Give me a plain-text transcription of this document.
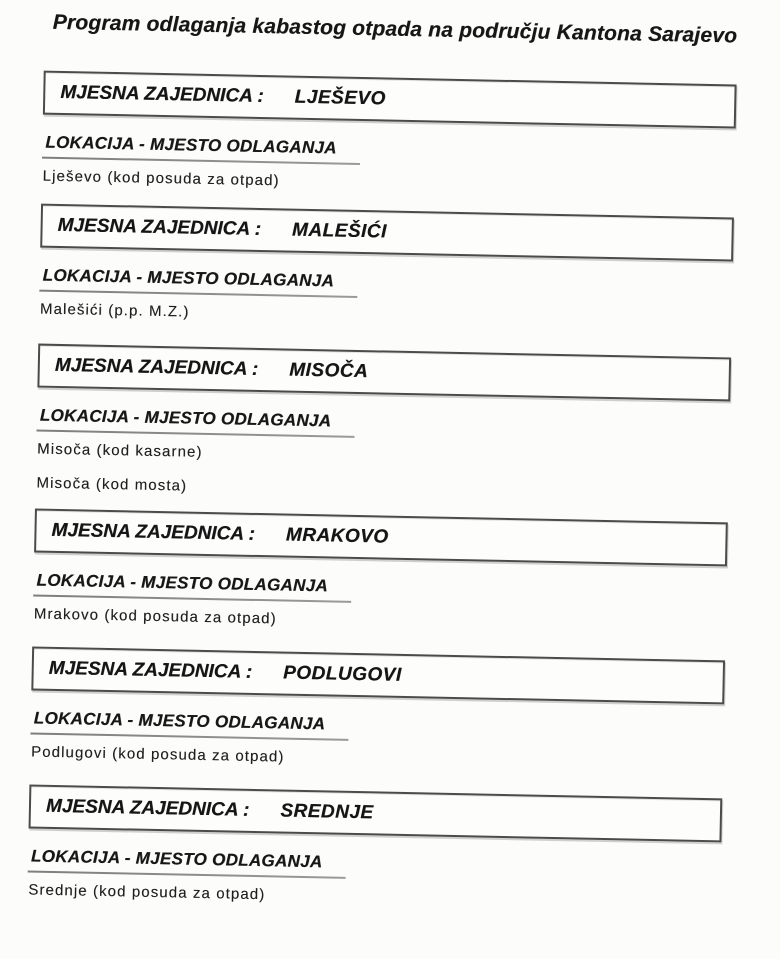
Program odlaganja kabastog otpada na području Kantona Sarajevo
MJESNA ZAJEDNICA : LJEŠEVO
LOKACIJA - MJESTO ODLAGANJA
Lješevo (kod posuda za otpad)
MJESNA ZAJEDNICA : MALEŠIĆI
LOKACIJA - MJESTO ODLAGANJA
Malešići (p.p. M.Z.)
MJESNA ZAJEDNICA : MISOČA
LOKACIJA - MJESTO ODLAGANJA
Misoča (kod kasarne)
Misoča (kod mosta)
MJESNA ZAJEDNICA : MRAKOVO
LOKACIJA - MJESTO ODLAGANJA
Mrakovo (kod posuda za otpad)
MJESNA ZAJEDNICA : PODLUGOVI
LOKACIJA - MJESTO ODLAGANJA
Podlugovi (kod posuda za otpad)
MJESNA ZAJEDNICA : SREDNJE
LOKACIJA - MJESTO ODLAGANJA
Srednje (kod posuda za otpad)
